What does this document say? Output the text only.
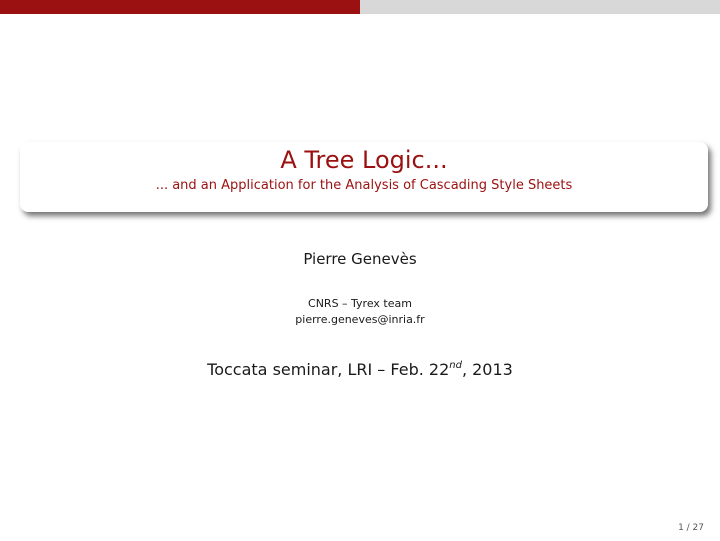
A Tree Logic...
... and an Application for the Analysis of Cascading Style Sheets
Pierre Genevès
CNRS – Tyrex team
pierre.geneves@inria.fr
Toccata seminar, LRI – Feb. 22nd, 2013
1 / 27
